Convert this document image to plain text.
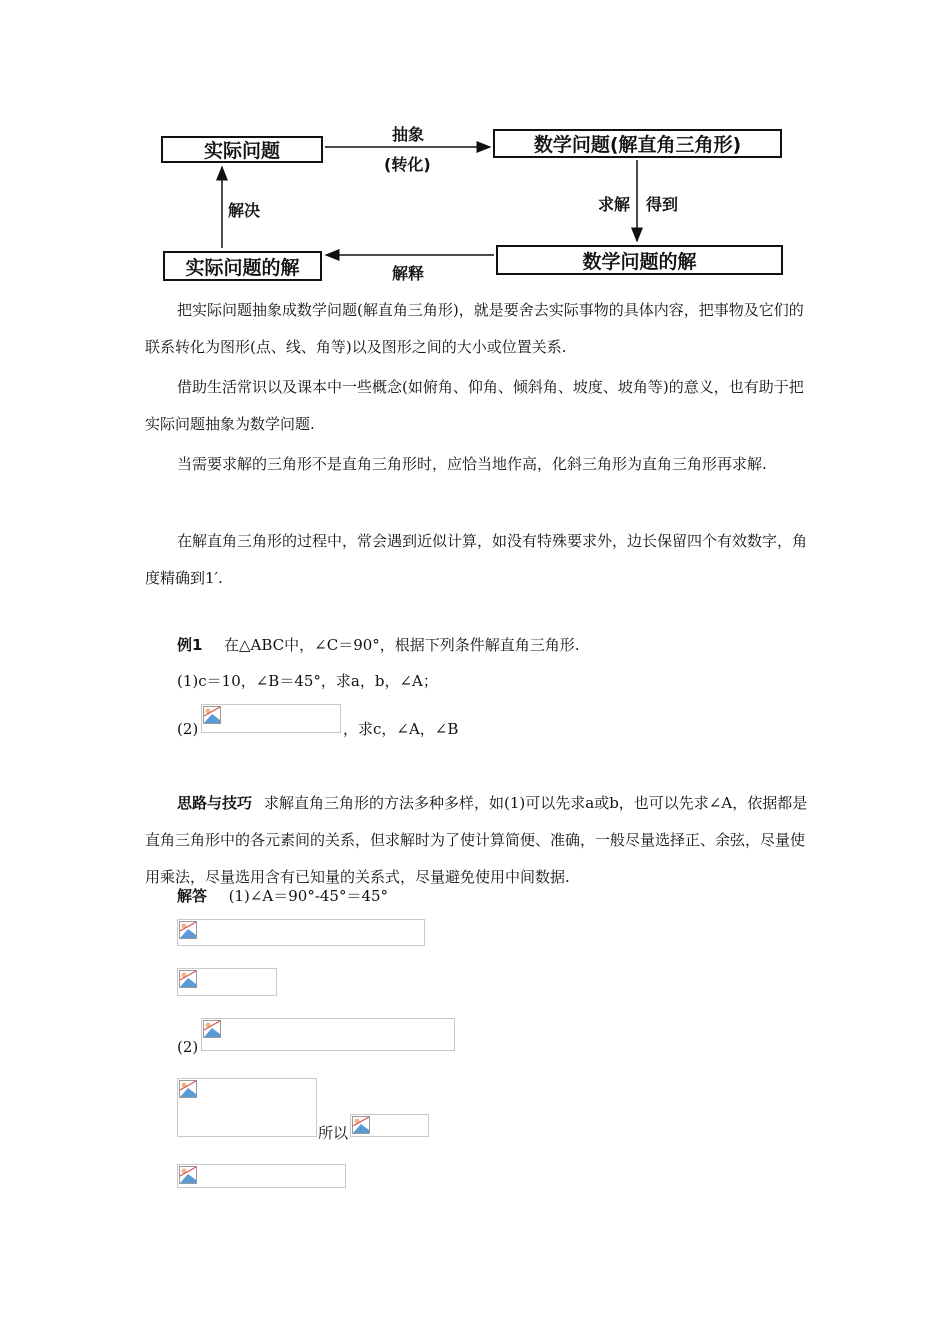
实际问题	数学问题(解直角三角形)
数学问题的解
实际问题的解
抽象
(转化)
求解 得到
解释
解决

把实际问题抽象成数学问题(解直角三角形)，就是要舍去实际事物的具体内容，把事物及它们的联系转化为图形(点、线、角等)以及图形之间的大小或位置关系.

借助生活常识以及课本中一些概念(如俯角、仰角、倾斜角、坡度、坡角等)的意义，也有助于把实际问题抽象为数学问题.

当需要求解的三角形不是直角三角形时，应恰当地作高，化斜三角形为直角三角形再求解.

在解直角三角形的过程中，常会遇到近似计算，如没有特殊要求外，边长保留四个有效数字，角度精确到1′.

例1 在△ABC中，∠C＝90°，根据下列条件解直角三角形.
(1)c＝10，∠B＝45°，求a，b，∠A；
(2)	，求c，∠A，∠B

思路与技巧 求解直角三角形的方法多种多样，如(1)可以先求a或b，也可以先求∠A，依据都是直角三角形中的各元素间的关系，但求解时为了使计算简便、准确，一般尽量选择正、余弦，尽量使用乘法，尽量选用含有已知量的关系式，尽量避免使用中间数据.

解答 (1)∠A＝90°-45°＝45°
(2)
所以
